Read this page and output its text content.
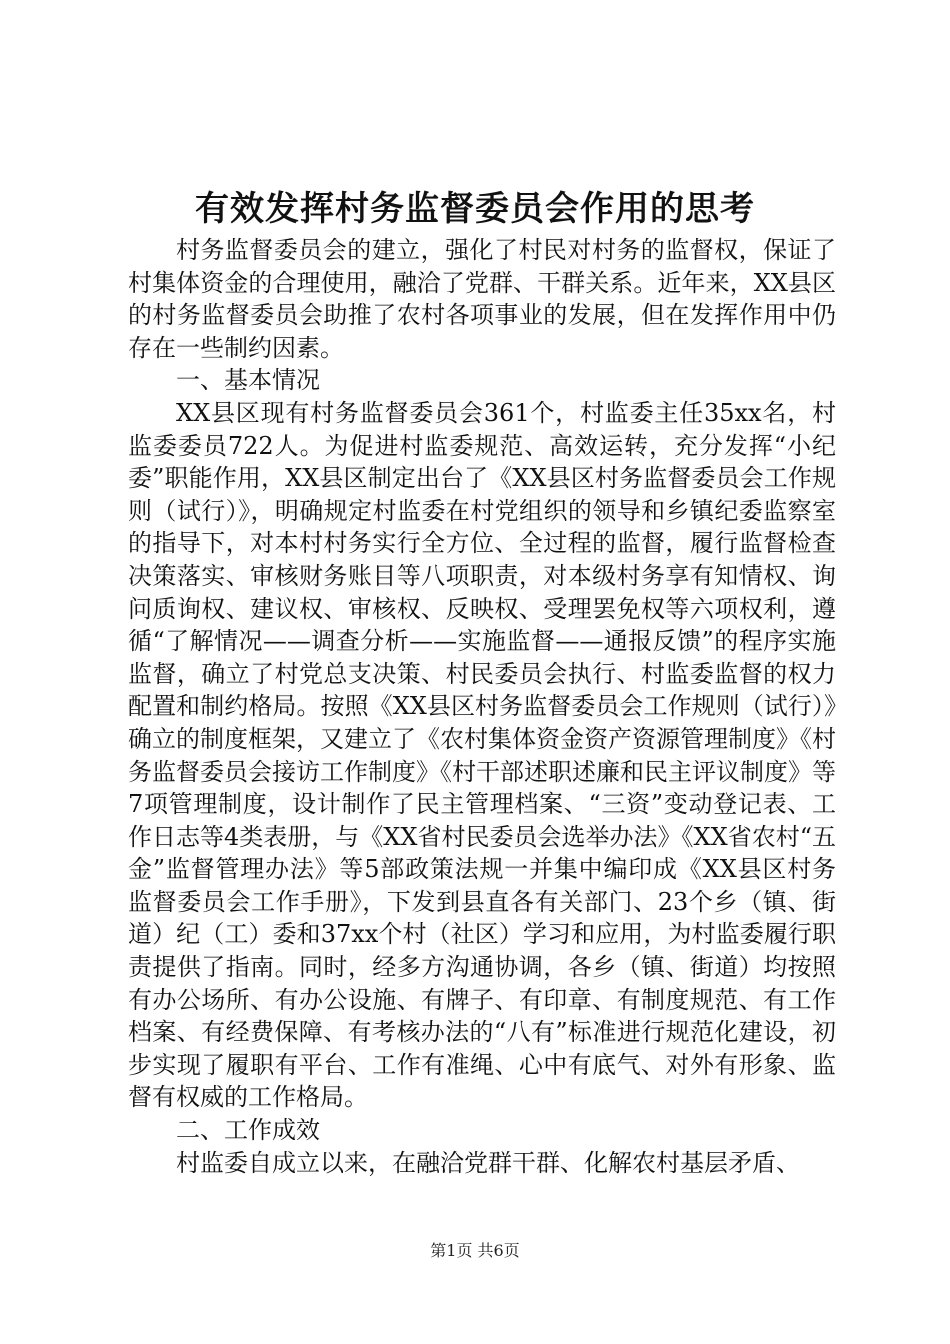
有效发挥村务监督委员会作用的思考

村务监督委员会的建立，强化了村民对村务的监督权，保证了村集体资金的合理使用，融洽了党群、干群关系。近年来，XX县区的村务监督委员会助推了农村各项事业的发展，但在发挥作用中仍存在一些制约因素。

一、基本情况

XX县区现有村务监督委员会361个，村监委主任35xx名，村监委委员722人。为促进村监委规范、高效运转，充分发挥“小纪委”职能作用，XX县区制定出台了《XX县区村务监督委员会工作规则（试行）》，明确规定村监委在村党组织的领导和乡镇纪委监察室的指导下，对本村村务实行全方位、全过程的监督，履行监督检查决策落实、审核财务账目等八项职责，对本级村务享有知情权、询问质询权、建议权、审核权、反映权、受理罢免权等六项权利，遵循“了解情况——调查分析——实施监督——通报反馈”的程序实施监督，确立了村党总支决策、村民委员会执行、村监委监督的权力配置和制约格局。按照《XX县区村务监督委员会工作规则（试行）》确立的制度框架，又建立了《农村集体资金资产资源管理制度》《村务监督委员会接访工作制度》《村干部述职述廉和民主评议制度》等7项管理制度，设计制作了民主管理档案、“三资”变动登记表、工作日志等4类表册，与《XX省村民委员会选举办法》《XX省农村“五金”监督管理办法》等5部政策法规一并集中编印成《XX县区村务监督委员会工作手册》，下发到县直各有关部门、23个乡（镇、街道）纪（工）委和37xx个村（社区）学习和应用，为村监委履行职责提供了指南。同时，经多方沟通协调，各乡（镇、街道）均按照有办公场所、有办公设施、有牌子、有印章、有制度规范、有工作档案、有经费保障、有考核办法的“八有”标准进行规范化建设，初步实现了履职有平台、工作有准绳、心中有底气、对外有形象、监督有权威的工作格局。

二、工作成效

村监委自成立以来，在融洽党群干群、化解农村基层矛盾、

第1页 共6页
